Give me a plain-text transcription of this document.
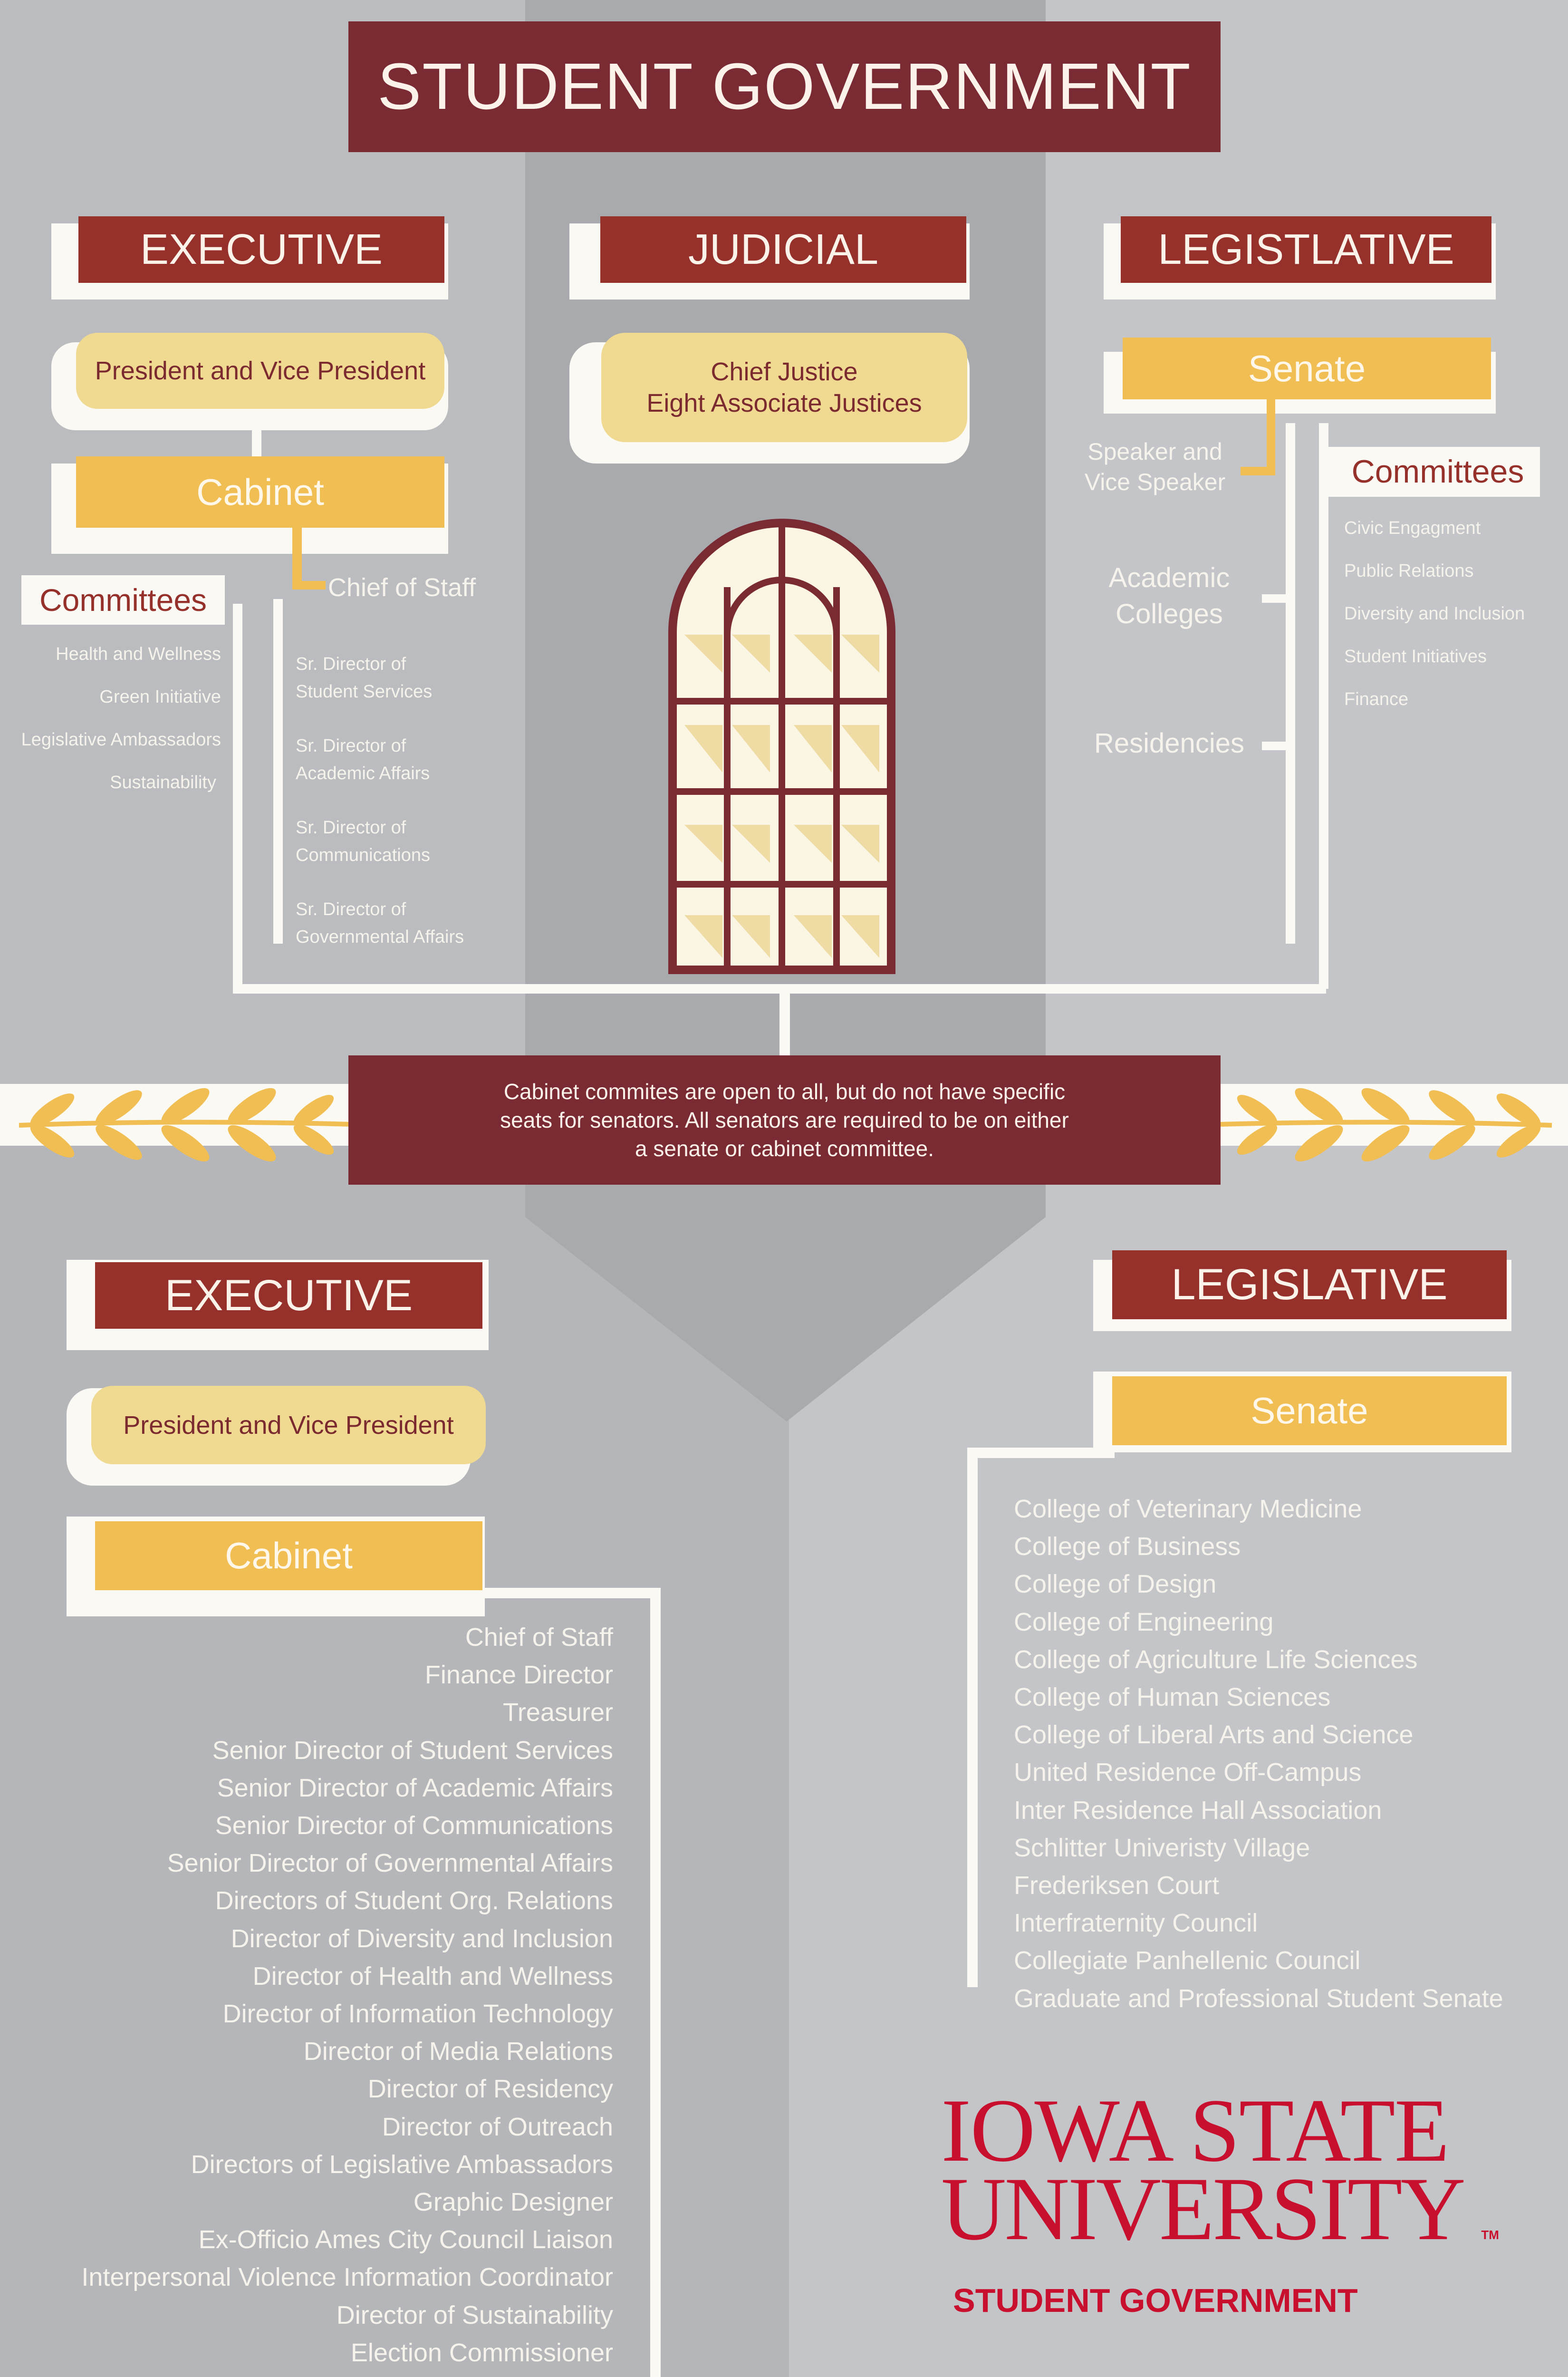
STUDENT GOVERNMENT
EXECUTIVE	JUDICIAL	LEGISTLATIVE
President and Vice President
Cabinet
Chief of Staff
Committees
Health and Wellness
Green Initiative
Legislative Ambassadors
Sustainability
Sr. Director of
Student Services
Sr. Director of
Academic Affairs
Sr. Director of
Communications
Sr. Director of
Governmental Affairs
Chief Justice
Eight Associate Justices
Senate
Speaker and
Vice Speaker
Academic
Colleges
Residencies
Committees
Civic Engagment
Public Relations
Diversity and Inclusion
Student Initiatives
Finance
Cabinet commites are open to all, but do not have specific
seats for senators. All senators are required to be on either
a senate or cabinet committee.
EXECUTIVE
President and Vice President
Cabinet
Chief of Staff
Finance Director
Treasurer
Senior Director of Student Services
Senior Director of Academic Affairs
Senior Director of Communications
Senior Director of Governmental Affairs
Directors of Student Org. Relations
Director of Diversity and Inclusion
Director of Health and Wellness
Director of Information Technology
Director of Media Relations
Director of Residency
Director of Outreach
Directors of Legislative Ambassadors
Graphic Designer
Ex-Officio Ames City Council Liaison
Interpersonal Violence Information Coordinator
Director of Sustainability
Election Commissioner
LEGISLATIVE
Senate
College of Veterinary Medicine
College of Business
College of Design
College of Engineering
College of Agriculture Life Sciences
College of Human Sciences
College of Liberal Arts and Science
United Residence Off-Campus
Inter Residence Hall Association
Schlitter Univeristy Village
Frederiksen Court
Interfraternity Council
Collegiate Panhellenic Council
Graduate and Professional Student Senate
IOWA STATE
UNIVERSITY TM
STUDENT GOVERNMENT
